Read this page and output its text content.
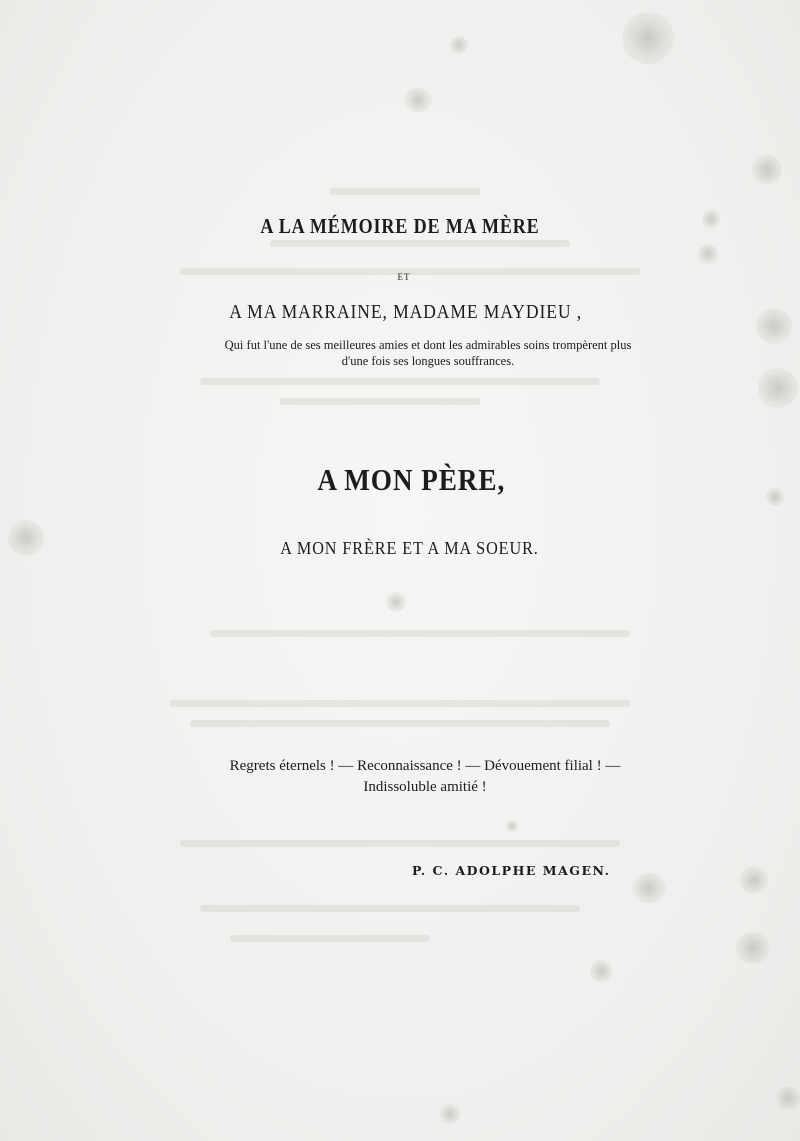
A LA MÉMOIRE DE MA MÈRE
ET
A MA MARRAINE, MADAME MAYDIEU ,
Qui fut l'une de ses meilleures amies et dont les admirables soins trompèrent plus
d'une fois ses longues souffrances.
A MON PÈRE,
A MON FRÈRE ET A MA SOEUR.
Regrets éternels ! — Reconnaissance ! — Dévouement filial ! —
Indissoluble amitié !
P. C. ADOLPHE MAGEN.
